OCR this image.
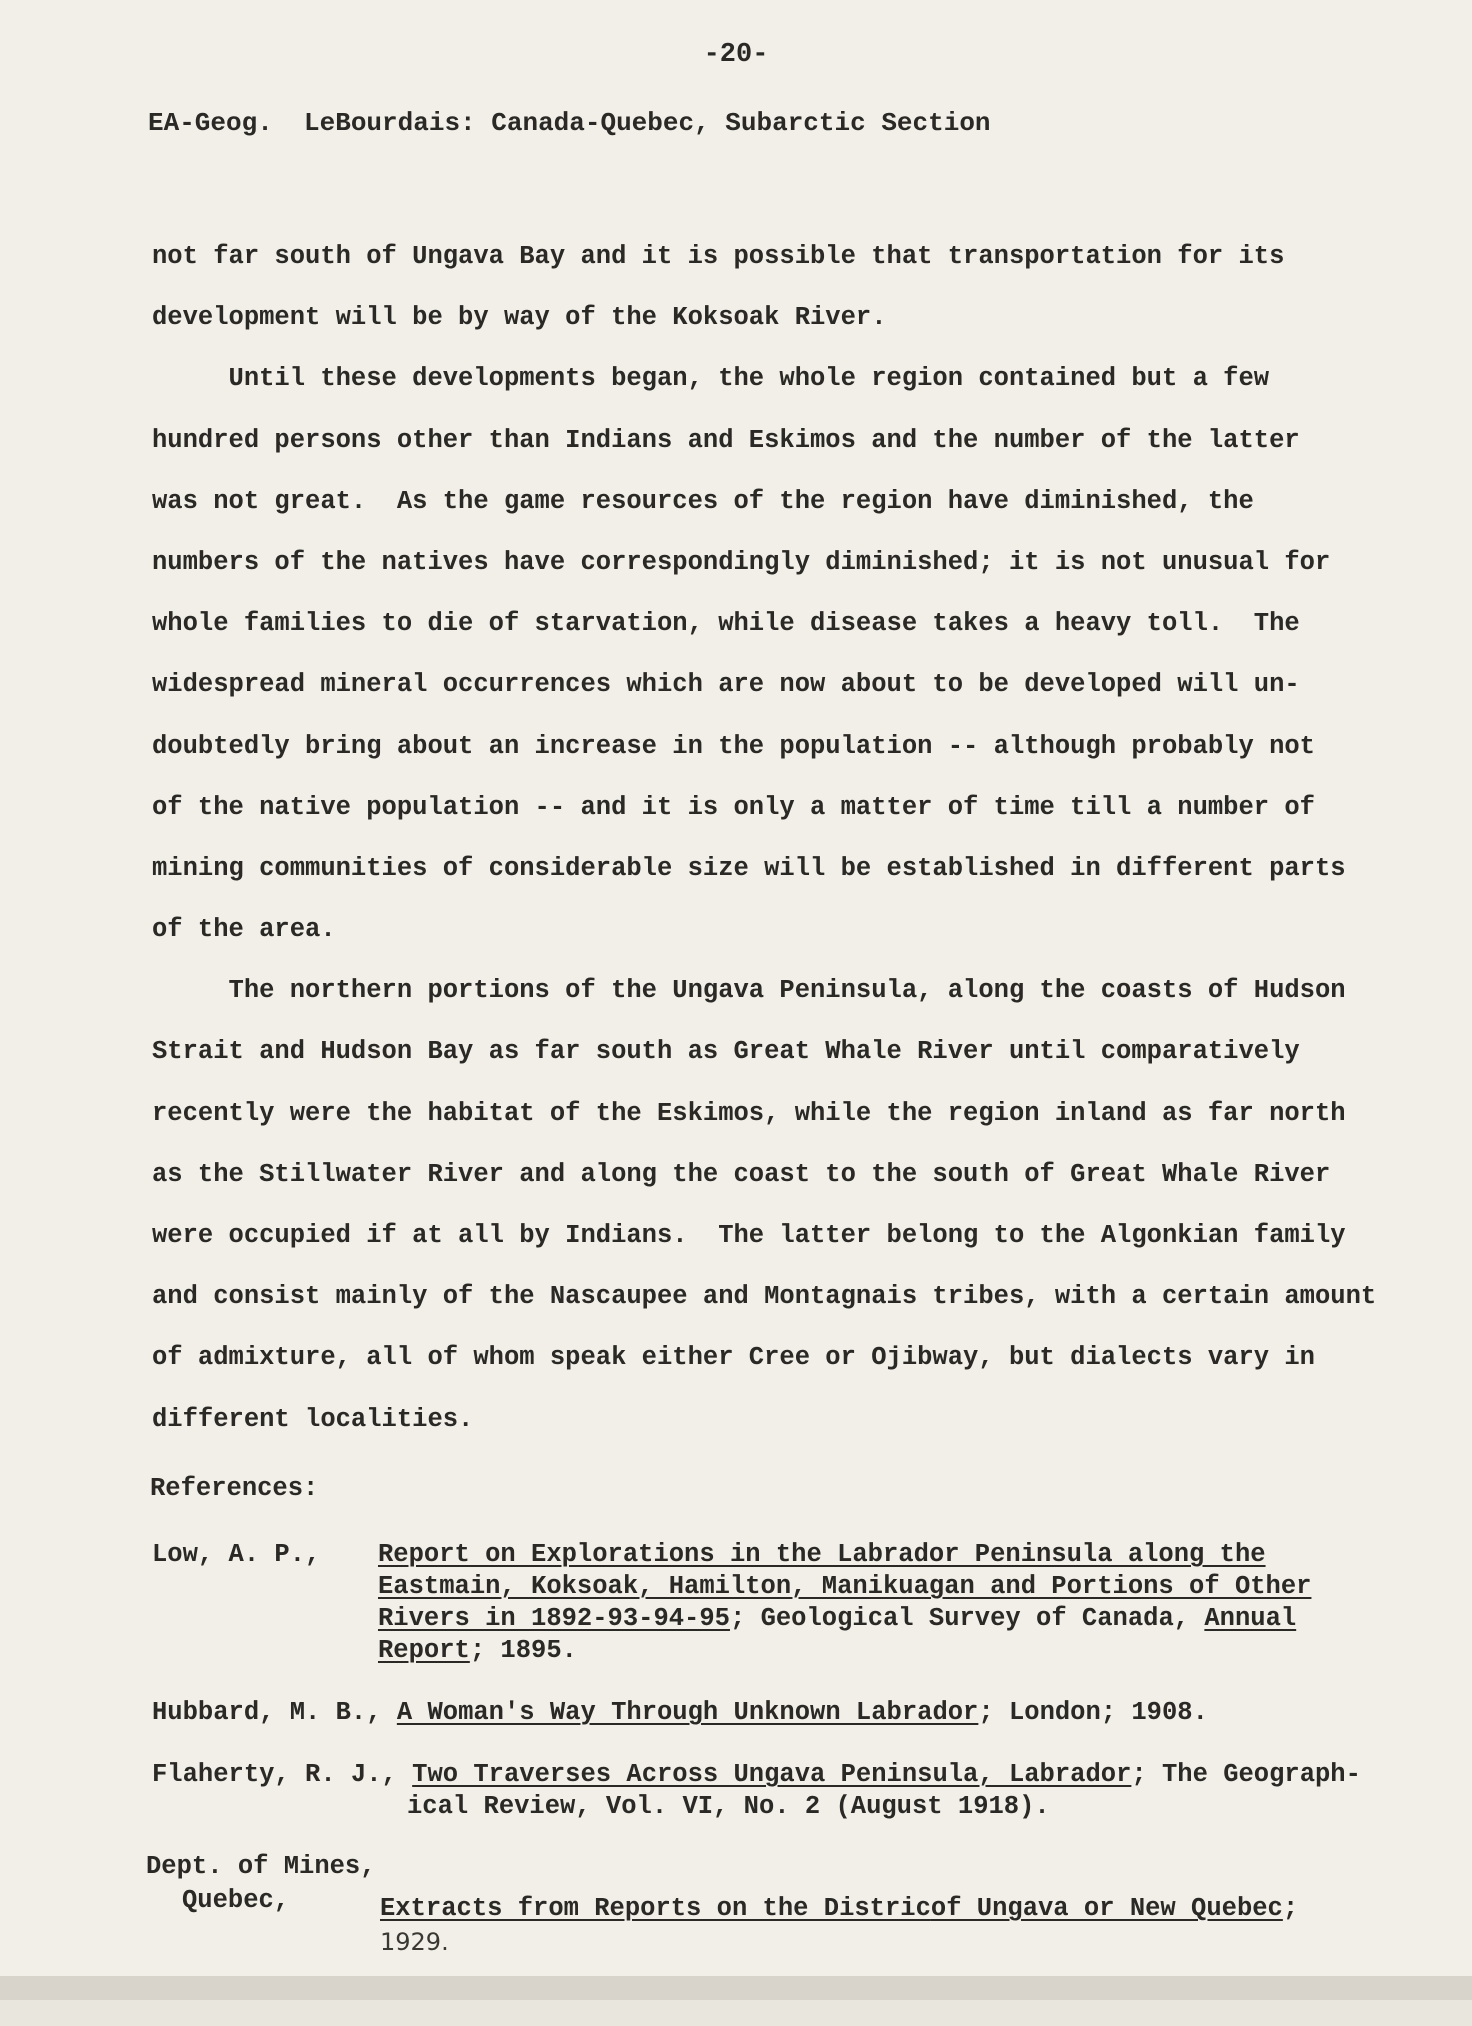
-20-
EA-Geog.  LeBourdais: Canada-Quebec, Subarctic Section
not far south of Ungava Bay and it is possible that transportation for its
development will be by way of the Koksoak River.
Until these developments began, the whole region contained but a few
hundred persons other than Indians and Eskimos and the number of the latter
was not great.  As the game resources of the region have diminished, the
numbers of the natives have correspondingly diminished; it is not unusual for
whole families to die of starvation, while disease takes a heavy toll.  The
widespread mineral occurrences which are now about to be developed will un-
doubtedly bring about an increase in the population -- although probably not
of the native population -- and it is only a matter of time till a number of
mining communities of considerable size will be established in different parts
of the area.
The northern portions of the Ungava Peninsula, along the coasts of Hudson
Strait and Hudson Bay as far south as Great Whale River until comparatively
recently were the habitat of the Eskimos, while the region inland as far north
as the Stillwater River and along the coast to the south of Great Whale River
were occupied if at all by Indians.  The latter belong to the Algonkian family
and consist mainly of the Nascaupee and Montagnais tribes, with a certain amount
of admixture, all of whom speak either Cree or Ojibway, but dialects vary in
different localities.
References:

Low, A. P.,

Report on Explorations in the Labrador Peninsula along the

Eastmain, Koksoak, Hamilton, Manikuagan and Portions of Other

Rivers in 1892-93-94-95; Geological Survey of Canada, Annual

Report; 1895.

Hubbard, M. B., A Woman's Way Through Unknown Labrador; London; 1908.

Flaherty, R. J., Two Traverses Across Ungava Peninsula, Labrador; The Geograph-

ical Review, Vol. VI, No. 2 (August 1918).

Dept. of Mines,

Quebec,

	Extracts from Reports on the Districof Ungava or New Quebec;

1929.
